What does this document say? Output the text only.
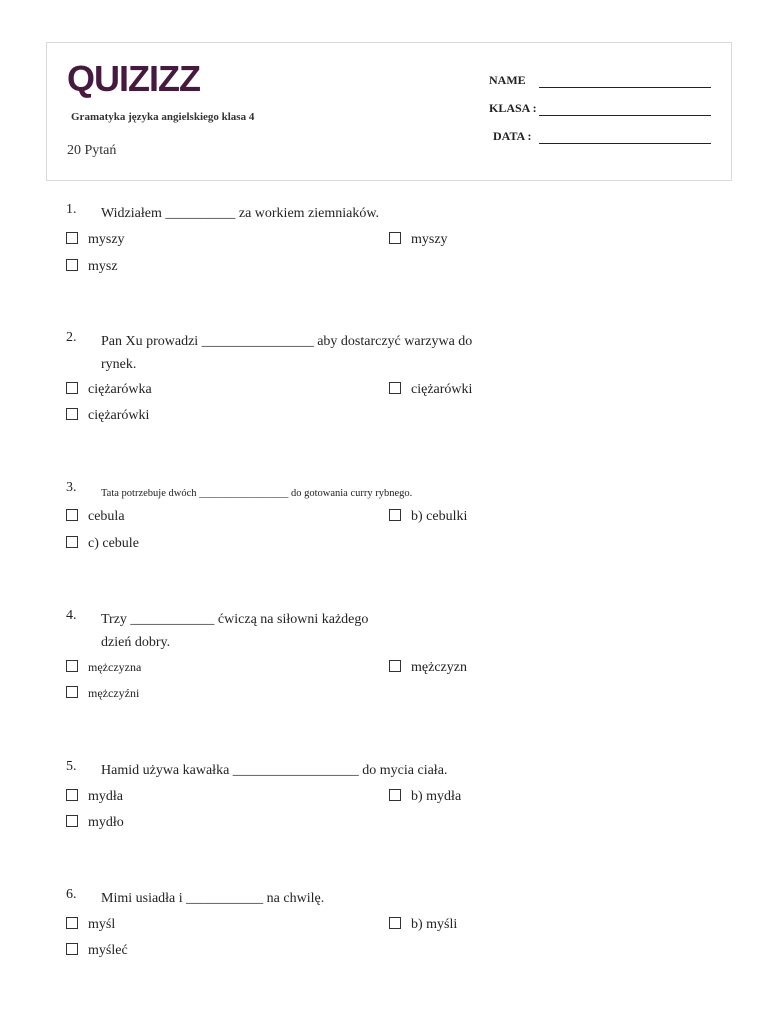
QUIZIZZ
Gramatyka języka angielskiego klasa 4
20 Pytań
NAME
KLASA :
DATA :
1. Widziałem __________ za workiem ziemniaków.
myszy	myszy
mysz
2. Pan Xu prowadzi ________________ aby dostarczyć warzywa do rynek.
ciężarówka	ciężarówki
ciężarówki
3. Tata potrzebuje dwóch _________________ do gotowania curry rybnego.
cebula	b) cebulki
c) cebule
4. Trzy ____________ ćwiczą na siłowni każdego dzień dobry.
mężczyzna	mężczyzn
mężczyźni
5. Hamid używa kawałka __________________ do mycia ciała.
mydła	b) mydła
mydło
6. Mimi usiadła i ___________ na chwilę.
myśl	b) myśli
myśleć
